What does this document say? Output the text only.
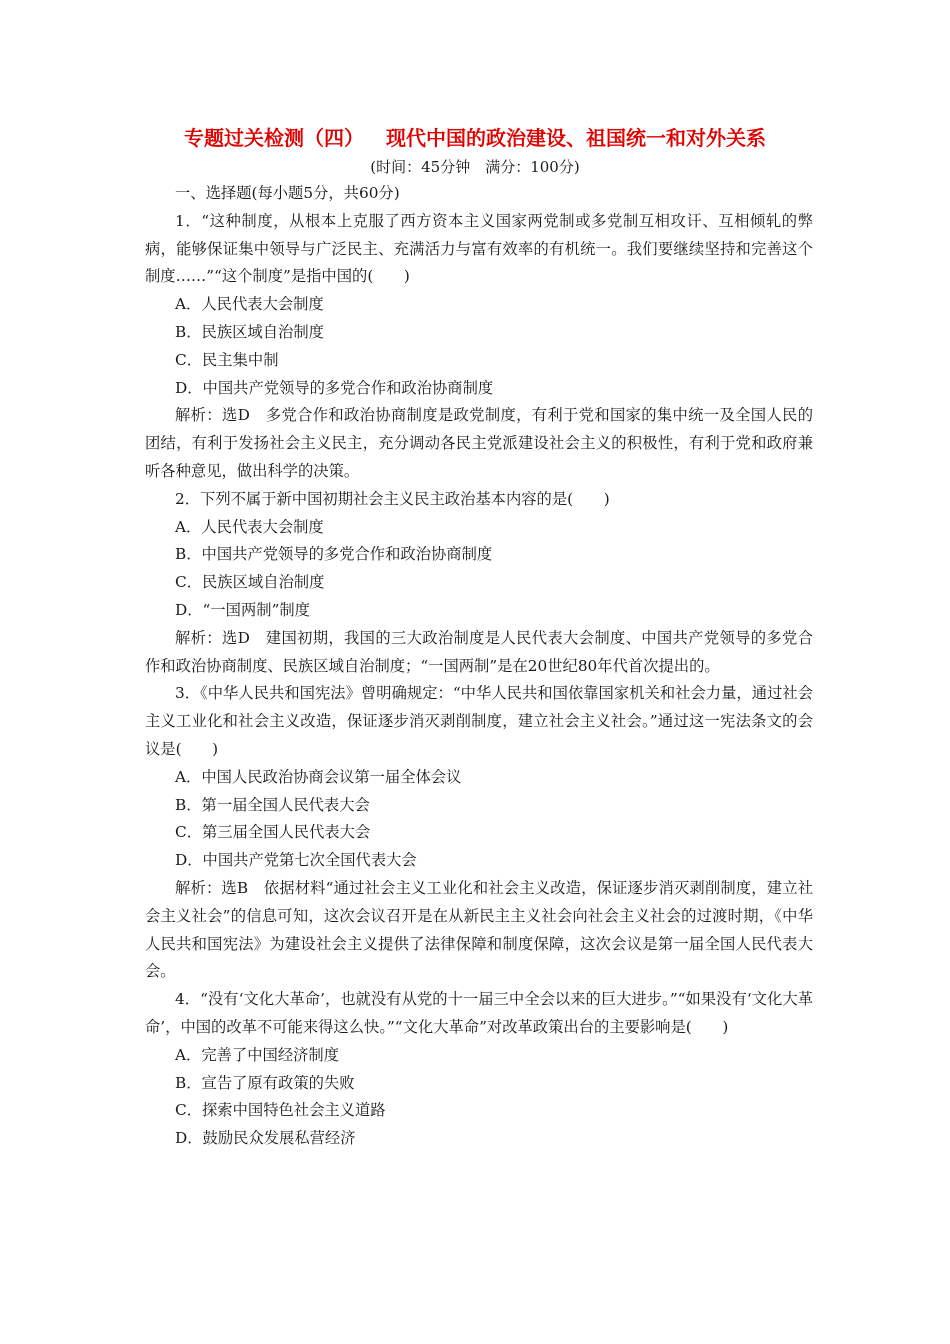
专题过关检测（四） 现代中国的政治建设、祖国统一和对外关系
(时间：45分钟　满分：100分)

一、选择题(每小题5分，共60分)

1．“这种制度，从根本上克服了西方资本主义国家两党制或多党制互相攻讦、互相倾轧的弊病，能够保证集中领导与广泛民主、充满活力与富有效率的有机统一。我们要继续坚持和完善这个制度……”“这个制度”是指中国的(　　)

A．人民代表大会制度

B．民族区域自治制度

C．民主集中制

D．中国共产党领导的多党合作和政治协商制度

解析：选D　多党合作和政治协商制度是政党制度，有利于党和国家的集中统一及全国人民的团结，有利于发扬社会主义民主，充分调动各民主党派建设社会主义的积极性，有利于党和政府兼听各种意见，做出科学的决策。

2．下列不属于新中国初期社会主义民主政治基本内容的是(　　)

A．人民代表大会制度

B．中国共产党领导的多党合作和政治协商制度

C．民族区域自治制度

D．“一国两制”制度

解析：选D　建国初期，我国的三大政治制度是人民代表大会制度、中国共产党领导的多党合作和政治协商制度、民族区域自治制度；“一国两制”是在20世纪80年代首次提出的。

3．《中华人民共和国宪法》曾明确规定：“中华人民共和国依靠国家机关和社会力量，通过社会主义工业化和社会主义改造，保证逐步消灭剥削制度，建立社会主义社会。”通过这一宪法条文的会议是(　　)

A．中国人民政治协商会议第一届全体会议

B．第一届全国人民代表大会

C．第三届全国人民代表大会

D．中国共产党第七次全国代表大会

解析：选B　依据材料“通过社会主义工业化和社会主义改造，保证逐步消灭剥削制度，建立社会主义社会”的信息可知，这次会议召开是在从新民主主义社会向社会主义社会的过渡时期，《中华人民共和国宪法》为建设社会主义提供了法律保障和制度保障，这次会议是第一届全国人民代表大会。

4．“没有‘文化大革命’，也就没有从党的十一届三中全会以来的巨大进步。”“如果没有‘文化大革命’，中国的改革不可能来得这么快。”“文化大革命”对改革政策出台的主要影响是(　　)

A．完善了中国经济制度

B．宣告了原有政策的失败

C．探索中国特色社会主义道路

D．鼓励民众发展私营经济
